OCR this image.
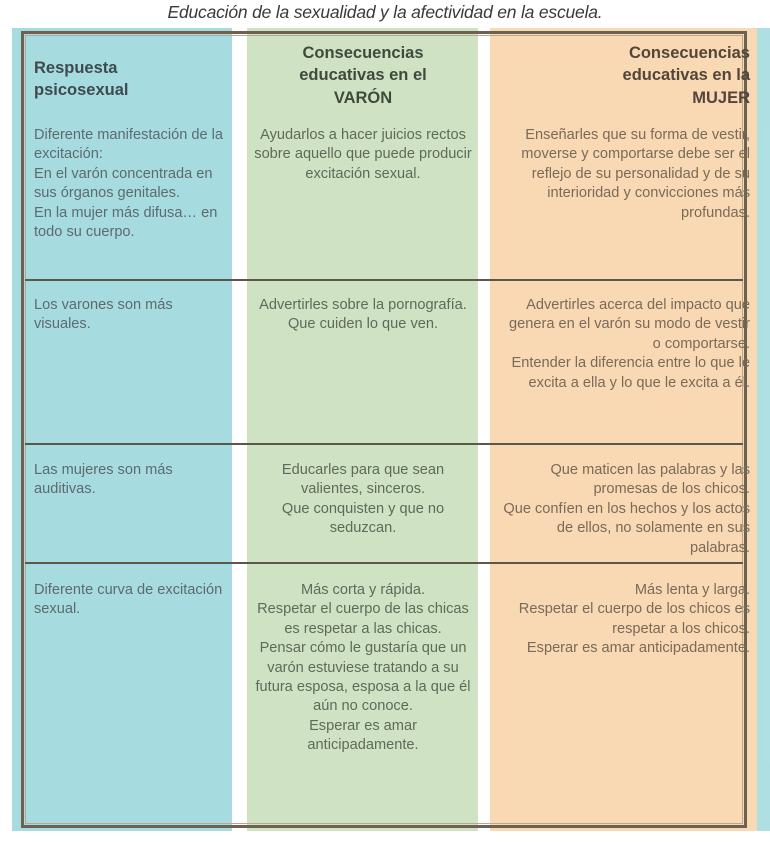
Educación de la sexualidad y la afectividad en la escuela.
Respuesta
psicosexual
Consecuencias
educativas en el
VARÓN
Consecuencias
educativas en la
MUJER
Diferente manifestación de la excitación:
En el varón concentrada en sus órganos genitales.
En la mujer más difusa… en todo su cuerpo.
Ayudarlos a hacer juicios rectos sobre aquello que puede producir excitación sexual.
Enseñarles que su forma de vestir, moverse y comportarse debe ser el reflejo de su personalidad y de su interioridad y convicciones más profundas.
Los varones son más visuales.
Advertirles sobre la pornografía.
Que cuiden lo que ven.
Advertirles acerca del impacto que genera en el varón su modo de vestir o comportarse.
Entender la diferencia entre lo que le excita a ella y lo que le excita a él.
Las mujeres son más auditivas.
Educarles para que sean valientes, sinceros.
Que conquisten y que no seduzcan.
Que maticen las palabras y las promesas de los chicos.
Que confíen en los hechos y los actos de ellos, no solamente en sus palabras.
Diferente curva de excitación sexual.
Más corta y rápida.
Respetar el cuerpo de las chicas es respetar a las chicas.
Pensar cómo le gustaría que un varón estuviese tratando a su futura esposa, esposa a la que él aún no conoce.
Esperar es amar anticipadamente.
Más lenta y larga.
Respetar el cuerpo de los chicos es respetar a los chicos.
Esperar es amar anticipadamente.
